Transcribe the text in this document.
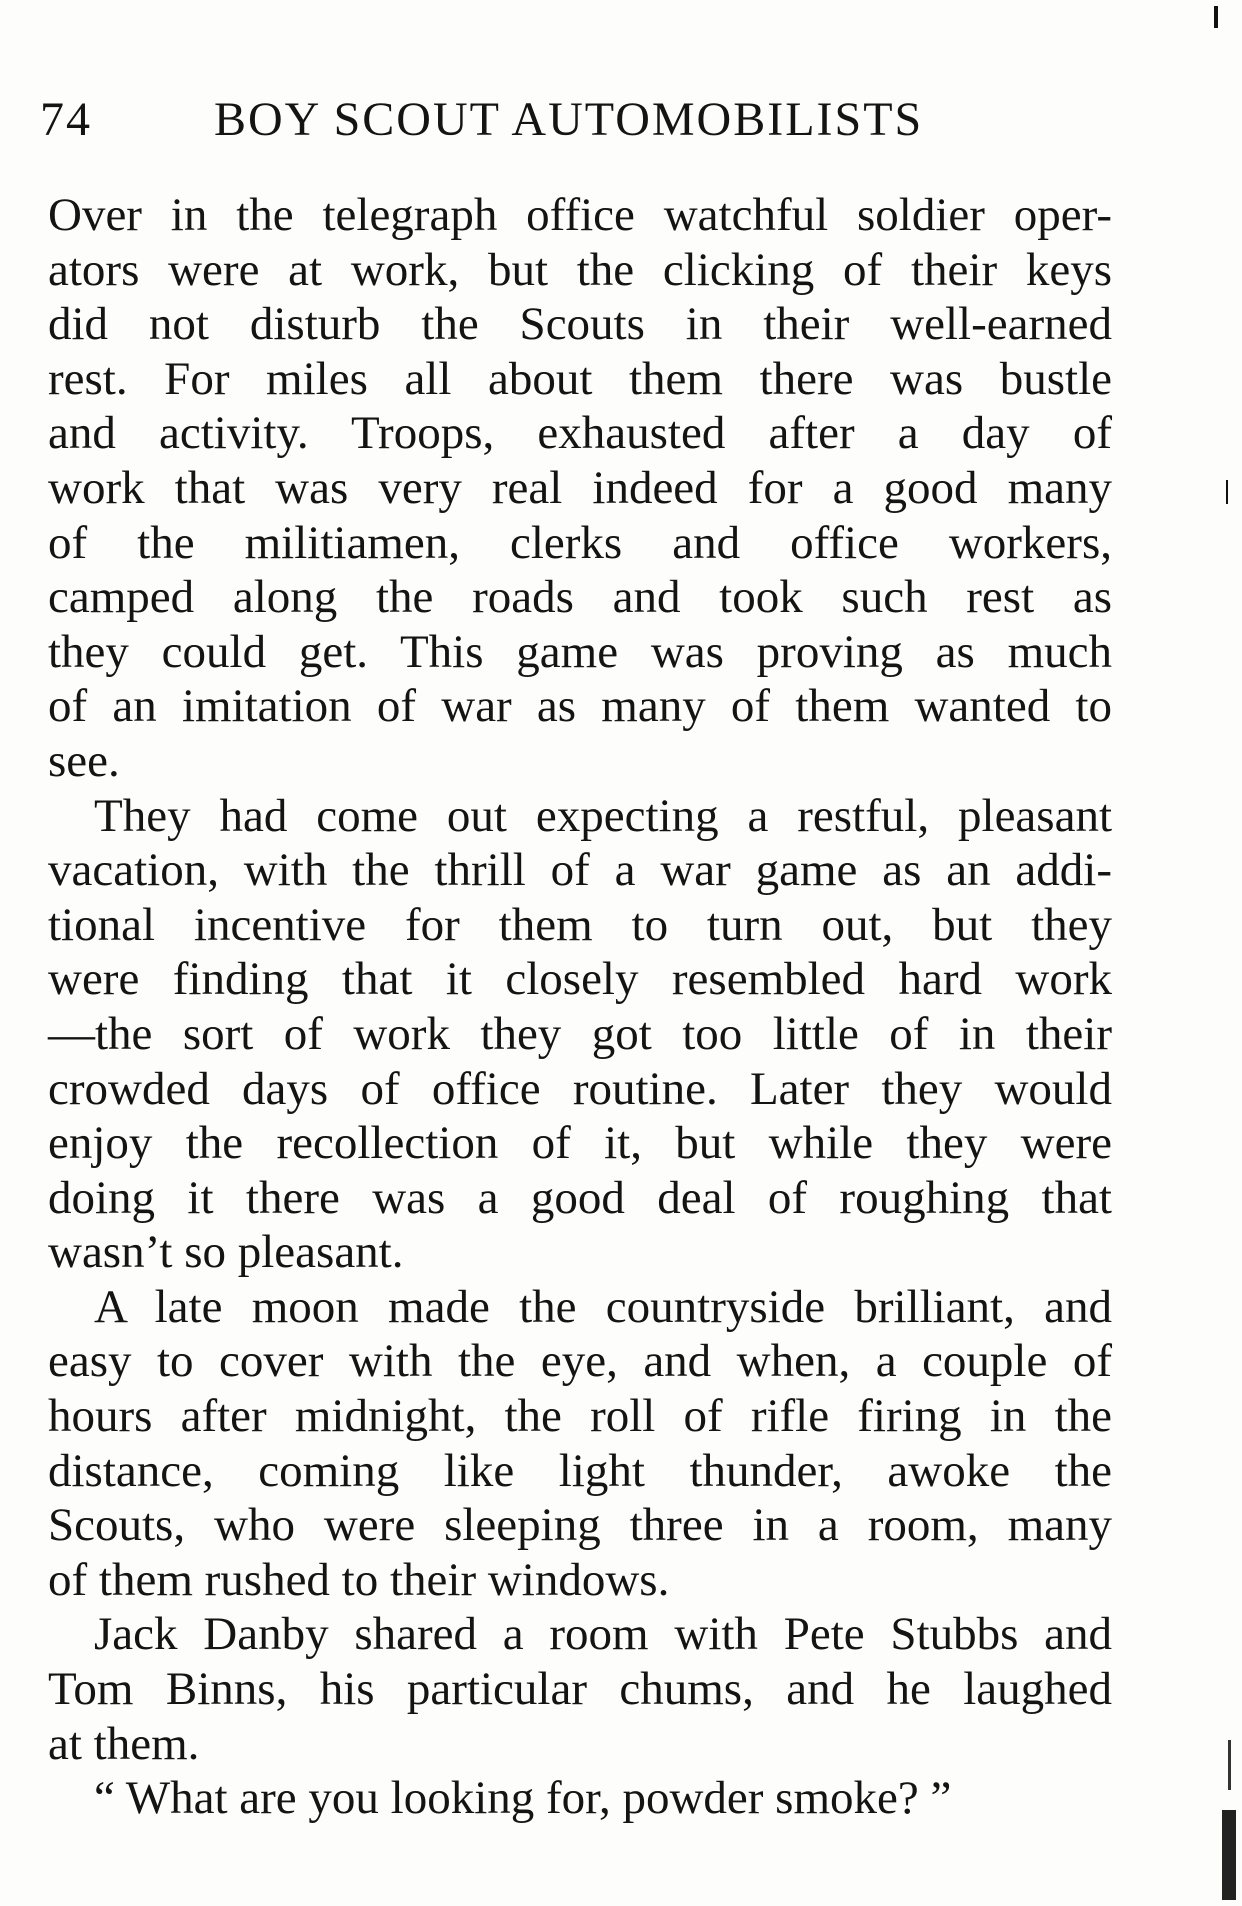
74	BOY SCOUT AUTOMOBILISTS
Over in the telegraph office watchful soldier oper-
ators were at work, but the clicking of their keys
did not disturb the Scouts in their well-earned
rest. For miles all about them there was bustle
and activity. Troops, exhausted after a day of
work that was very real indeed for a good many
of the militiamen, clerks and office workers,
camped along the roads and took such rest as
they could get. This game was proving as much
of an imitation of war as many of them wanted to
see.
They had come out expecting a restful, pleasant
vacation, with the thrill of a war game as an addi-
tional incentive for them to turn out, but they
were finding that it closely resembled hard work
—the sort of work they got too little of in their
crowded days of office routine. Later they would
enjoy the recollection of it, but while they were
doing it there was a good deal of roughing that
wasn’t so pleasant.
A late moon made the countryside brilliant, and
easy to cover with the eye, and when, a couple of
hours after midnight, the roll of rifle firing in the
distance, coming like light thunder, awoke the
Scouts, who were sleeping three in a room, many
of them rushed to their windows.
Jack Danby shared a room with Pete Stubbs and
Tom Binns, his particular chums, and he laughed
at them.
“ What are you looking for, powder smoke? ”
